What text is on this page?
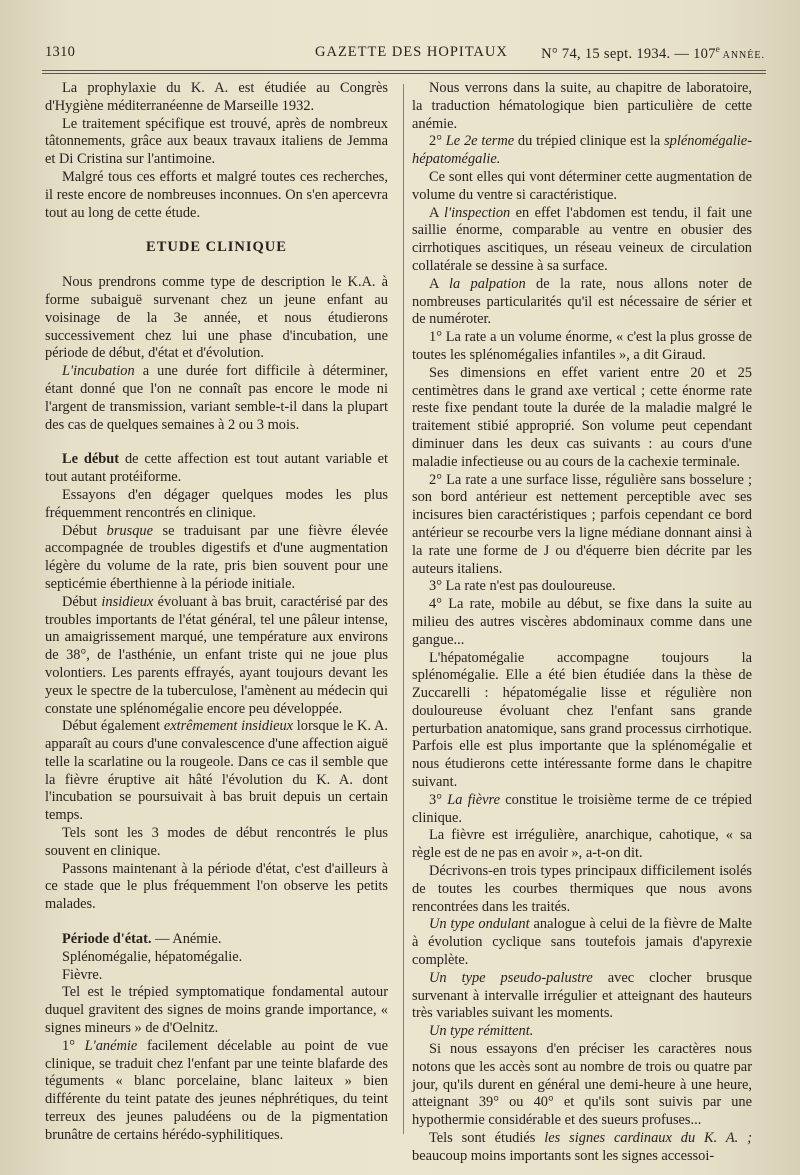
1310	GAZETTE DES HOPITAUX N° 74, 15 sept. 1934. — 107e ANNÉE.

La prophylaxie du K. A. est étudiée au Congrès d'Hygiène méditerranéenne de Marseille 1932.

Le traitement spécifique est trouvé, après de nombreux tâtonnements, grâce aux beaux travaux italiens de Jemma et Di Cristina sur l'antimoine.

Malgré tous ces efforts et malgré toutes ces recherches, il reste encore de nombreuses inconnues. On s'en apercevra tout au long de cette étude.

ETUDE CLINIQUE

Nous prendrons comme type de description le K.A. à forme subaiguë survenant chez un jeune enfant au voisinage de la 3e année, et nous étudierons successivement chez lui une phase d'incubation, une période de début, d'état et d'évolution.

L'incubation a une durée fort difficile à déterminer, étant donné que l'on ne connaît pas encore le mode ni l'argent de transmission, variant semble-t-il dans la plupart des cas de quelques semaines à 2 ou 3 mois.

Le début de cette affection est tout autant variable et tout autant protéiforme.

Essayons d'en dégager quelques modes les plus fréquemment rencontrés en clinique.

Début brusque se traduisant par une fièvre élevée accompagnée de troubles digestifs et d'une augmentation légère du volume de la rate, pris bien souvent pour une septicémie éberthienne à la période initiale.

Début insidieux évoluant à bas bruit, caractérisé par des troubles importants de l'état général, tel une pâleur intense, un amaigrissement marqué, une température aux environs de 38°, de l'asthénie, un enfant triste qui ne joue plus volontiers. Les parents effrayés, ayant toujours devant les yeux le spectre de la tuberculose, l'amènent au médecin qui constate une splénomégalie encore peu développée.

Début également extrêmement insidieux lorsque le K. A. apparaît au cours d'une convalescence d'une affection aiguë telle la scarlatine ou la rougeole. Dans ce cas il semble que la fièvre éruptive ait hâté l'évolution du K. A. dont l'incubation se poursuivait à bas bruit depuis un certain temps.

Tels sont les 3 modes de début rencontrés le plus souvent en clinique.

Passons maintenant à la période d'état, c'est d'ailleurs à ce stade que le plus fréquemment l'on observe les petits malades.

Période d'état. — Anémie.

Splénomégalie, hépatomégalie.

Fièvre.

Tel est le trépied symptomatique fondamental autour duquel gravitent des signes de moins grande importance, « signes mineurs » de d'Oelnitz.

1° L'anémie facilement décelable au point de vue clinique, se traduit chez l'enfant par une teinte blafarde des téguments « blanc porcelaine, blanc laiteux » bien différente du teint patate des jeunes néphrétiques, du teint terreux des jeunes paludéens ou de la pigmentation brunâtre de certains hérédo-syphilitiques.

Nous verrons dans la suite, au chapitre de laboratoire, la traduction hématologique bien particulière de cette anémie.

2° Le 2e terme du trépied clinique est la splénomégalie-hépatomégalie.

Ce sont elles qui vont déterminer cette augmentation de volume du ventre si caractéristique.

A l'inspection en effet l'abdomen est tendu, il fait une saillie énorme, comparable au ventre en obusier des cirrhotiques ascitiques, un réseau veineux de circulation collatérale se dessine à sa surface.

A la palpation de la rate, nous allons noter de nombreuses particularités qu'il est nécessaire de sérier et de numéroter.

1° La rate a un volume énorme, « c'est la plus grosse de toutes les splénomégalies infantiles », a dit Giraud.

Ses dimensions en effet varient entre 20 et 25 centimètres dans le grand axe vertical ; cette énorme rate reste fixe pendant toute la durée de la maladie malgré le traitement stibié approprié. Son volume peut cependant diminuer dans les deux cas suivants : au cours d'une maladie infectieuse ou au cours de la cachexie terminale.

2° La rate a une surface lisse, régulière sans bosselure ; son bord antérieur est nettement perceptible avec ses incisures bien caractéristiques ; parfois cependant ce bord antérieur se recourbe vers la ligne médiane donnant ainsi à la rate une forme de J ou d'équerre bien décrite par les auteurs italiens.

3° La rate n'est pas douloureuse.

4° La rate, mobile au début, se fixe dans la suite au milieu des autres viscères abdominaux comme dans une gangue...

L'hépatomégalie accompagne toujours la splénomégalie. Elle a été bien étudiée dans la thèse de Zuccarelli : hépatomégalie lisse et régulière non douloureuse évoluant chez l'enfant sans grande perturbation anatomique, sans grand processus cirrhotique. Parfois elle est plus importante que la splénomégalie et nous étudierons cette intéressante forme dans le chapitre suivant.

3° La fièvre constitue le troisième terme de ce trépied clinique.

La fièvre est irrégulière, anarchique, cahotique, « sa règle est de ne pas en avoir », a-t-on dit.

Décrivons-en trois types principaux difficilement isolés de toutes les courbes thermiques que nous avons rencontrées dans les traités.

Un type ondulant analogue à celui de la fièvre de Malte à évolution cyclique sans toutefois jamais d'apyrexie complète.

Un type pseudo-palustre avec clocher brusque survenant à intervalle irrégulier et atteignant des hauteurs très variables suivant les moments.

Un type rémittent.

Si nous essayons d'en préciser les caractères nous notons que les accès sont au nombre de trois ou quatre par jour, qu'ils durent en général une demi-heure à une heure, atteignant 39° ou 40° et qu'ils sont suivis par une hypothermie considérable et des sueurs profuses...

Tels sont étudiés les signes cardinaux du K. A. ; beaucoup moins importants sont les signes accessoi-
